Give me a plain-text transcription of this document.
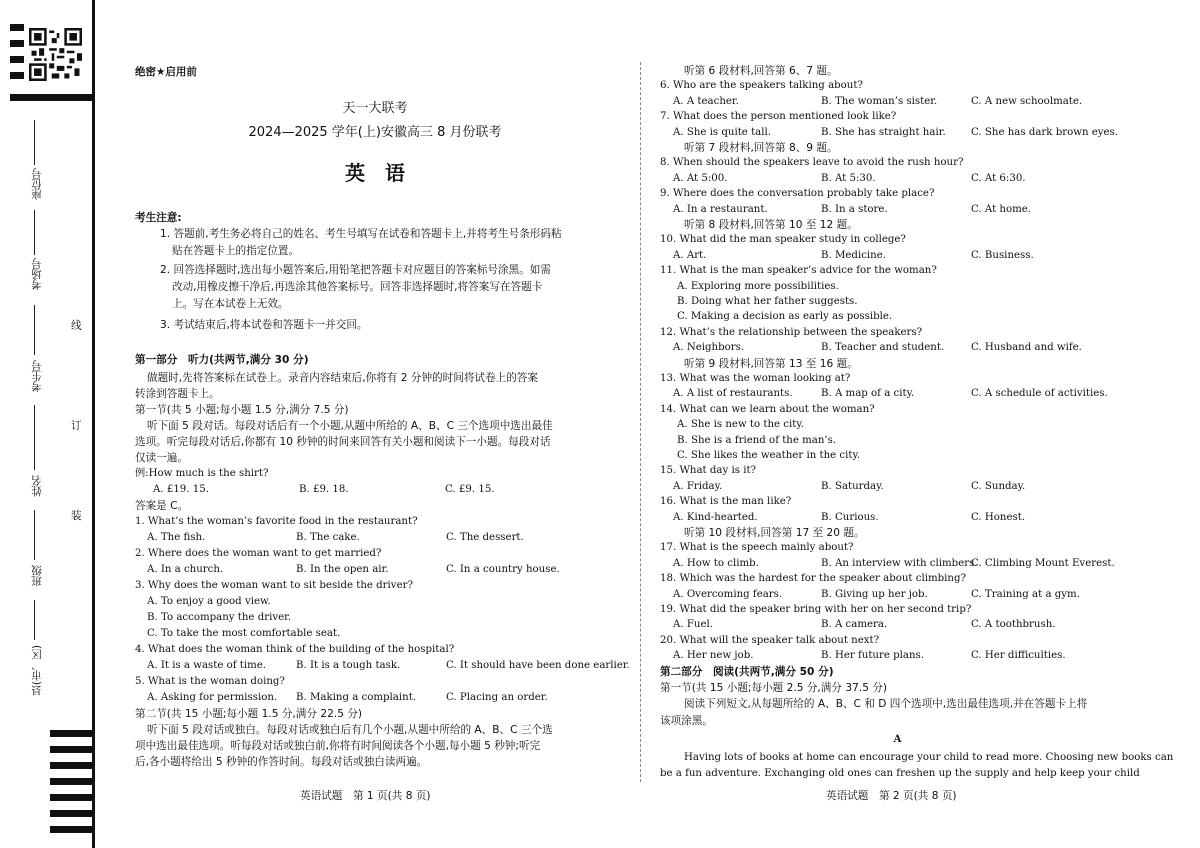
座位号
考场号
考生号
姓名
班级
县(市、区)
线
订
装
绝密★启用前
天一大联考
2024—2025 学年(上)安徽高三 8 月份联考
英　语
考生注意:
英语试题　第 1 页(共 8 页)	英语试题　第 2 页(共 8 页)
1. 答题前,考生务必将自己的姓名、考生号填写在试卷和答题卡上,并将考生号条形码粘
贴在答题卡上的指定位置。
2. 回答选择题时,选出每小题答案后,用铅笔把答题卡对应题目的答案标号涂黑。如需
改动,用橡皮擦干净后,再选涂其他答案标号。回答非选择题时,将答案写在答题卡
上。写在本试卷上无效。
3. 考试结束后,将本试卷和答题卡一并交回。
第一部分　听力(共两节,满分 30 分)
做题时,先将答案标在试卷上。录音内容结束后,你将有 2 分钟的时间将试卷上的答案
转涂到答题卡上。
第一节(共 5 小题;每小题 1.5 分,满分 7.5 分)
听下面 5 段对话。每段对话后有一个小题,从题中所给的 A、B、C 三个选项中选出最佳
选项。听完每段对话后,你都有 10 秒钟的时间来回答有关小题和阅读下一小题。每段对话
仅读一遍。
例:How much is the shirt?
A. £19. 15.	B. £9. 18.	C. £9. 15.
答案是 C。
1. What’s the woman’s favorite food in the restaurant?
A. The fish.	B. The cake.	C. The dessert.
2. Where does the woman want to get married?
A. In a church.	B. In the open air.	C. In a country house.
3. Why does the woman want to sit beside the driver?
A. To enjoy a good view.
B. To accompany the driver.
C. To take the most comfortable seat.
4. What does the woman think of the building of the hospital?
A. It is a waste of time.	B. It is a tough task.	C. It should have been done earlier.
5. What is the woman doing?
A. Asking for permission. B. Making a complaint.	C. Placing an order.
第二节(共 15 小题;每小题 1.5 分,满分 22.5 分)
听下面 5 段对话或独白。每段对话或独白后有几个小题,从题中所给的 A、B、C 三个选
项中选出最佳选项。听每段对话或独白前,你将有时间阅读各个小题,每小题 5 秒钟;听完
后,各小题将给出 5 秒钟的作答时间。每段对话或独白读两遍。
听第 6 段材料,回答第 6、7 题。
6. Who are the speakers talking about?
A. A teacher.	B. The woman’s sister.	C. A new schoolmate.
7. What does the person mentioned look like?
A. She is quite tall.	B. She has straight hair. C. She has dark brown eyes.
听第 7 段材料,回答第 8、9 题。
8. When should the speakers leave to avoid the rush hour?
A. At 5:00.	B. At 5:30.	C. At 6:30.
9. Where does the conversation probably take place?
A. In a restaurant.	B. In a store.	C. At home.
听第 8 段材料,回答第 10 至 12 题。
10. What did the man speaker study in college?
A. Art.	B. Medicine.	C. Business.
11. What is the man speaker’s advice for the woman?
A. Exploring more possibilities.
B. Doing what her father suggests.
C. Making a decision as early as possible.
12. What’s the relationship between the speakers?
A. Neighbors.	B. Teacher and student.	C. Husband and wife.
听第 9 段材料,回答第 13 至 16 题。
13. What was the woman looking at?
A. A list of restaurants.	B. A map of a city.	C. A schedule of activities.
14. What can we learn about the woman?
A. She is new to the city.
B. She is a friend of the man’s.
C. She likes the weather in the city.
15. What day is it?
A. Friday.	B. Saturday.	C. Sunday.
16. What is the man like?
A. Kind-hearted.	B. Curious.	C. Honest.
听第 10 段材料,回答第 17 至 20 题。
17. What is the speech mainly about?
A. How to climb.	B. An interview with climbers.
C. Climbing Mount Everest.
18. Which was the hardest for the speaker about climbing?
A. Overcoming fears.	B. Giving up her job.	C. Training at a gym.
19. What did the speaker bring with her on her second trip?
A. Fuel.	B. A camera.	C. A toothbrush.
20. What will the speaker talk about next?
A. Her new job.	B. Her future plans.	C. Her difficulties.
第二部分　阅读(共两节,满分 50 分)
第一节(共 15 小题;每小题 2.5 分,满分 37.5 分)
阅读下列短文,从每题所给的 A、B、C 和 D 四个选项中,选出最佳选项,并在答题卡上将
该项涂黑。
A
Having lots of books at home can encourage your child to read more. Choosing new books can
be a fun adventure. Exchanging old ones can freshen up the supply and help keep your child
